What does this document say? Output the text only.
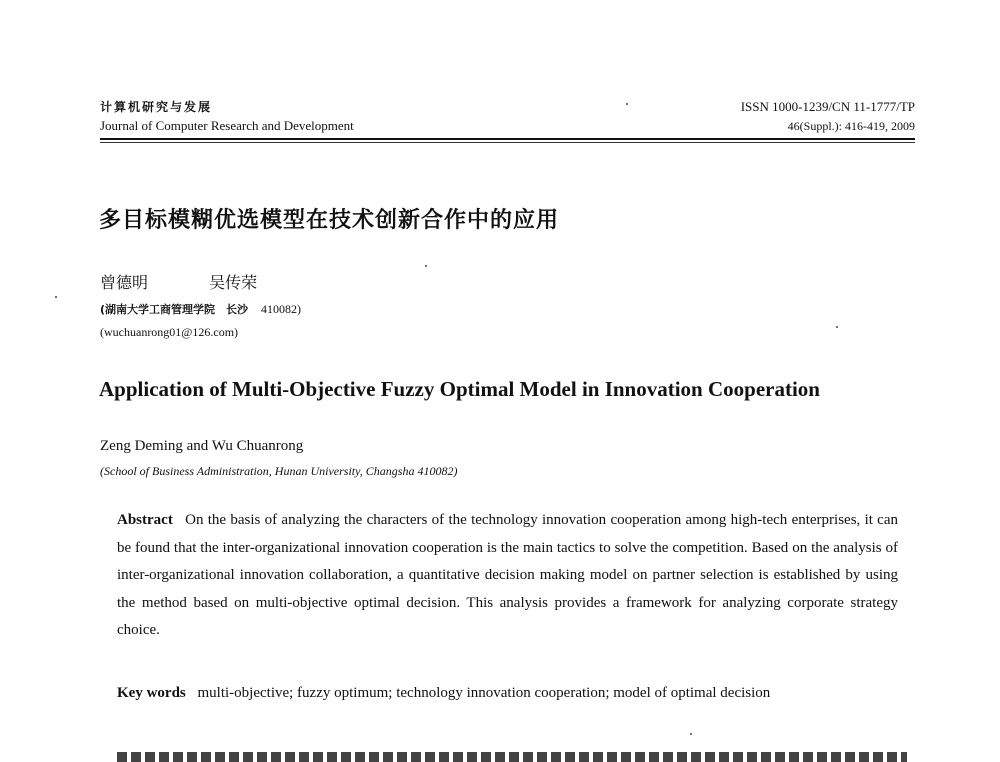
计算机研究与发展	ISSN 1000-1239/CN 11-1777/TP
Journal of Computer Research and Development	46(Suppl.): 416-419, 2009
多目标模糊优选模型在技术创新合作中的应用
曾德明	吴传荣
(湖南大学工商管理学院　长沙 410082)
(wuchuanrong01@126.com)
Application of Multi-Objective Fuzzy Optimal Model in Innovation Cooperation
Zeng Deming and Wu Chuanrong
(School of Business Administration, Hunan University, Changsha 410082)
Abstract On the basis of analyzing the characters of the technology innovation cooperation among high-tech enterprises, it can be found that the inter-organizational innovation cooperation is the main tactics to solve the competition. Based on the analysis of inter-organizational innovation collaboration, a quantitative decision making model on partner selection is established by using the method based on multi-objective optimal decision. This analysis provides a framework for analyzing corporate strategy choice.
Key words multi-objective; fuzzy optimum; technology innovation cooperation; model of optimal decision
